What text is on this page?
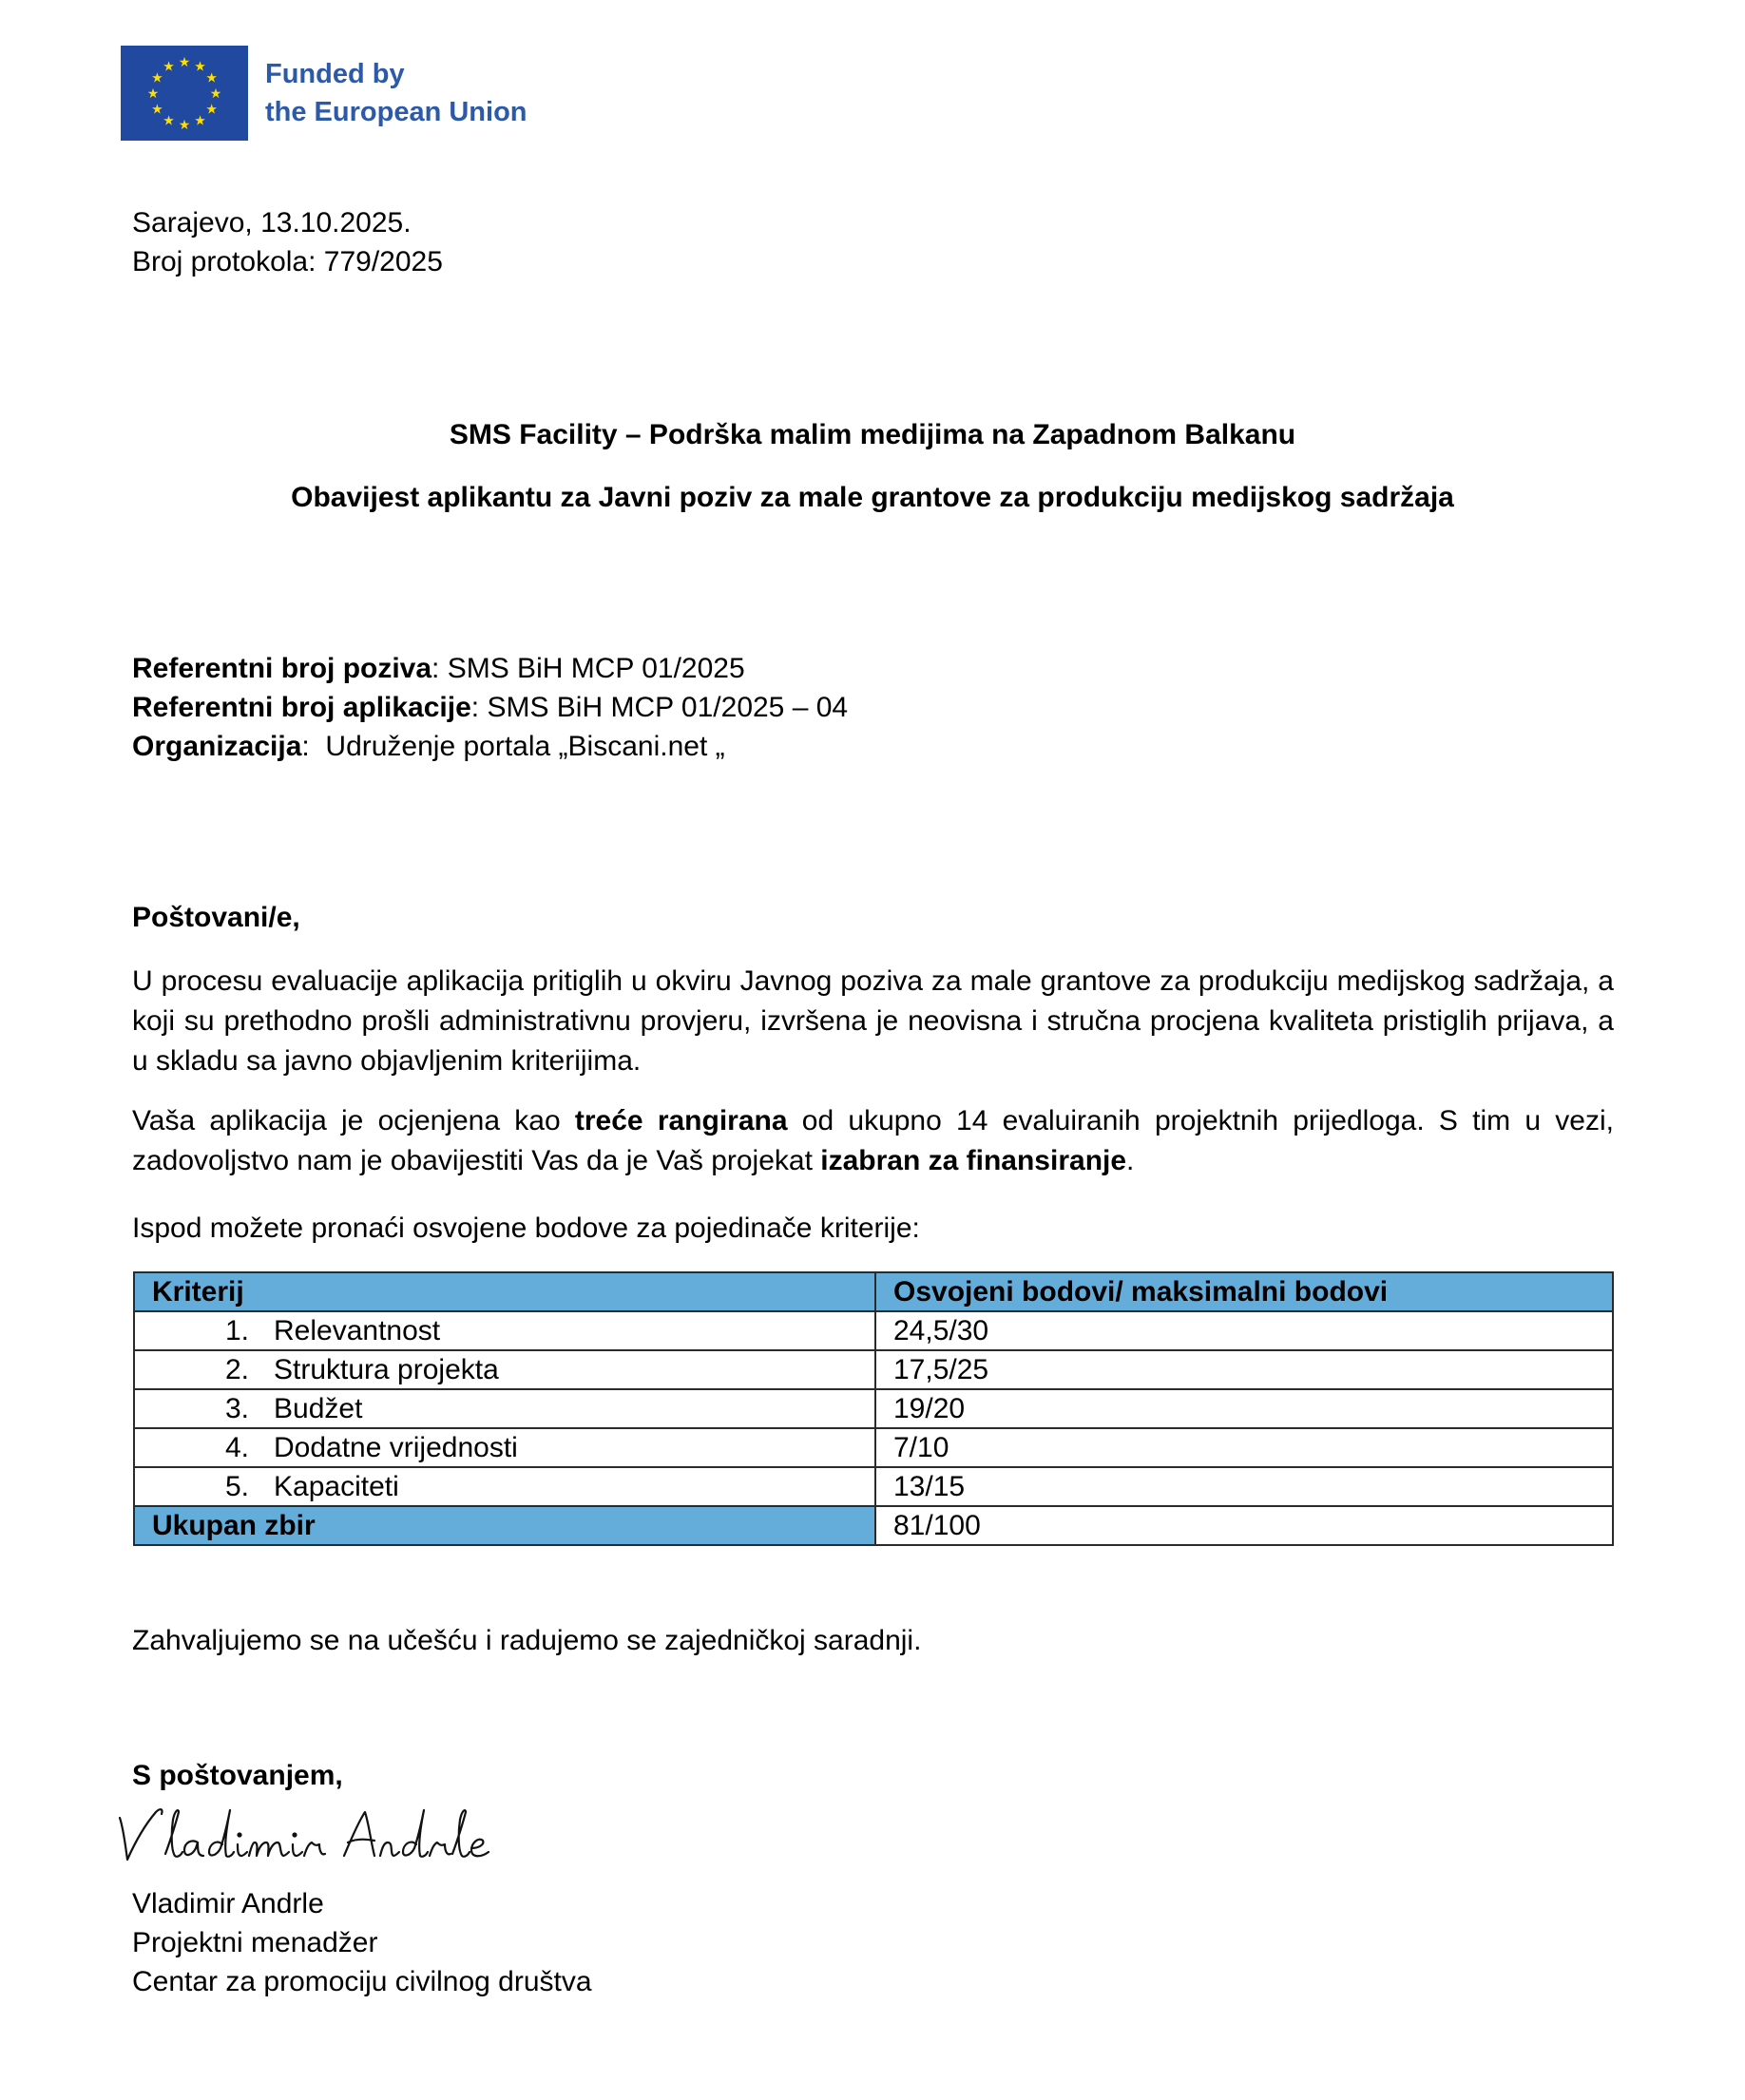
★ ★
★
★
★
★
★
★
★
★
★
★	Funded by
the European Union
Sarajevo, 13.10.2025.
Broj protokola: 779/2025
SMS Facility – Podrška malim medijima na Zapadnom Balkanu
Obavijest aplikantu za Javni poziv za male grantove za produkciju medijskog sadržaja
Referentni broj poziva: SMS BiH MCP 01/2025
Referentni broj aplikacije: SMS BiH MCP 01/2025 – 04
Organizacija:  Udruženje portala „Biscani.net „
Poštovani/e,
U procesu evaluacije aplikacija pritiglih u okviru Javnog poziva za male grantove za produkciju medijskog sadržaja, a koji su prethodno prošli administrativnu provjeru, izvršena je neovisna i stručna procjena kvaliteta pristiglih prijava, a u skladu sa javno objavljenim kriterijima.
Vaša aplikacija je ocjenjena kao treće rangirana od ukupno 14 evaluiranih projektnih prijedloga. S tim u vezi, zadovoljstvo nam je obavijestiti Vas da je Vaš projekat izabran za finansiranje.
Ispod možete pronaći osvojene bodove za pojedinače kriterije:
Kriterij	Osvojeni bodovi/ maksimalni bodovi
1. Relevantnost	24,5/30
2. Struktura projekta	17,5/25
3. Budžet	19/20
4. Dodatne vrijednosti	7/10
5. Kapaciteti	13/15
Ukupan zbir	81/100
Zahvaljujemo se na učešću i radujemo se zajedničkoj saradnji.
S poštovanjem,
Vladimir Andrle
Projektni menadžer
Centar za promociju civilnog društva
